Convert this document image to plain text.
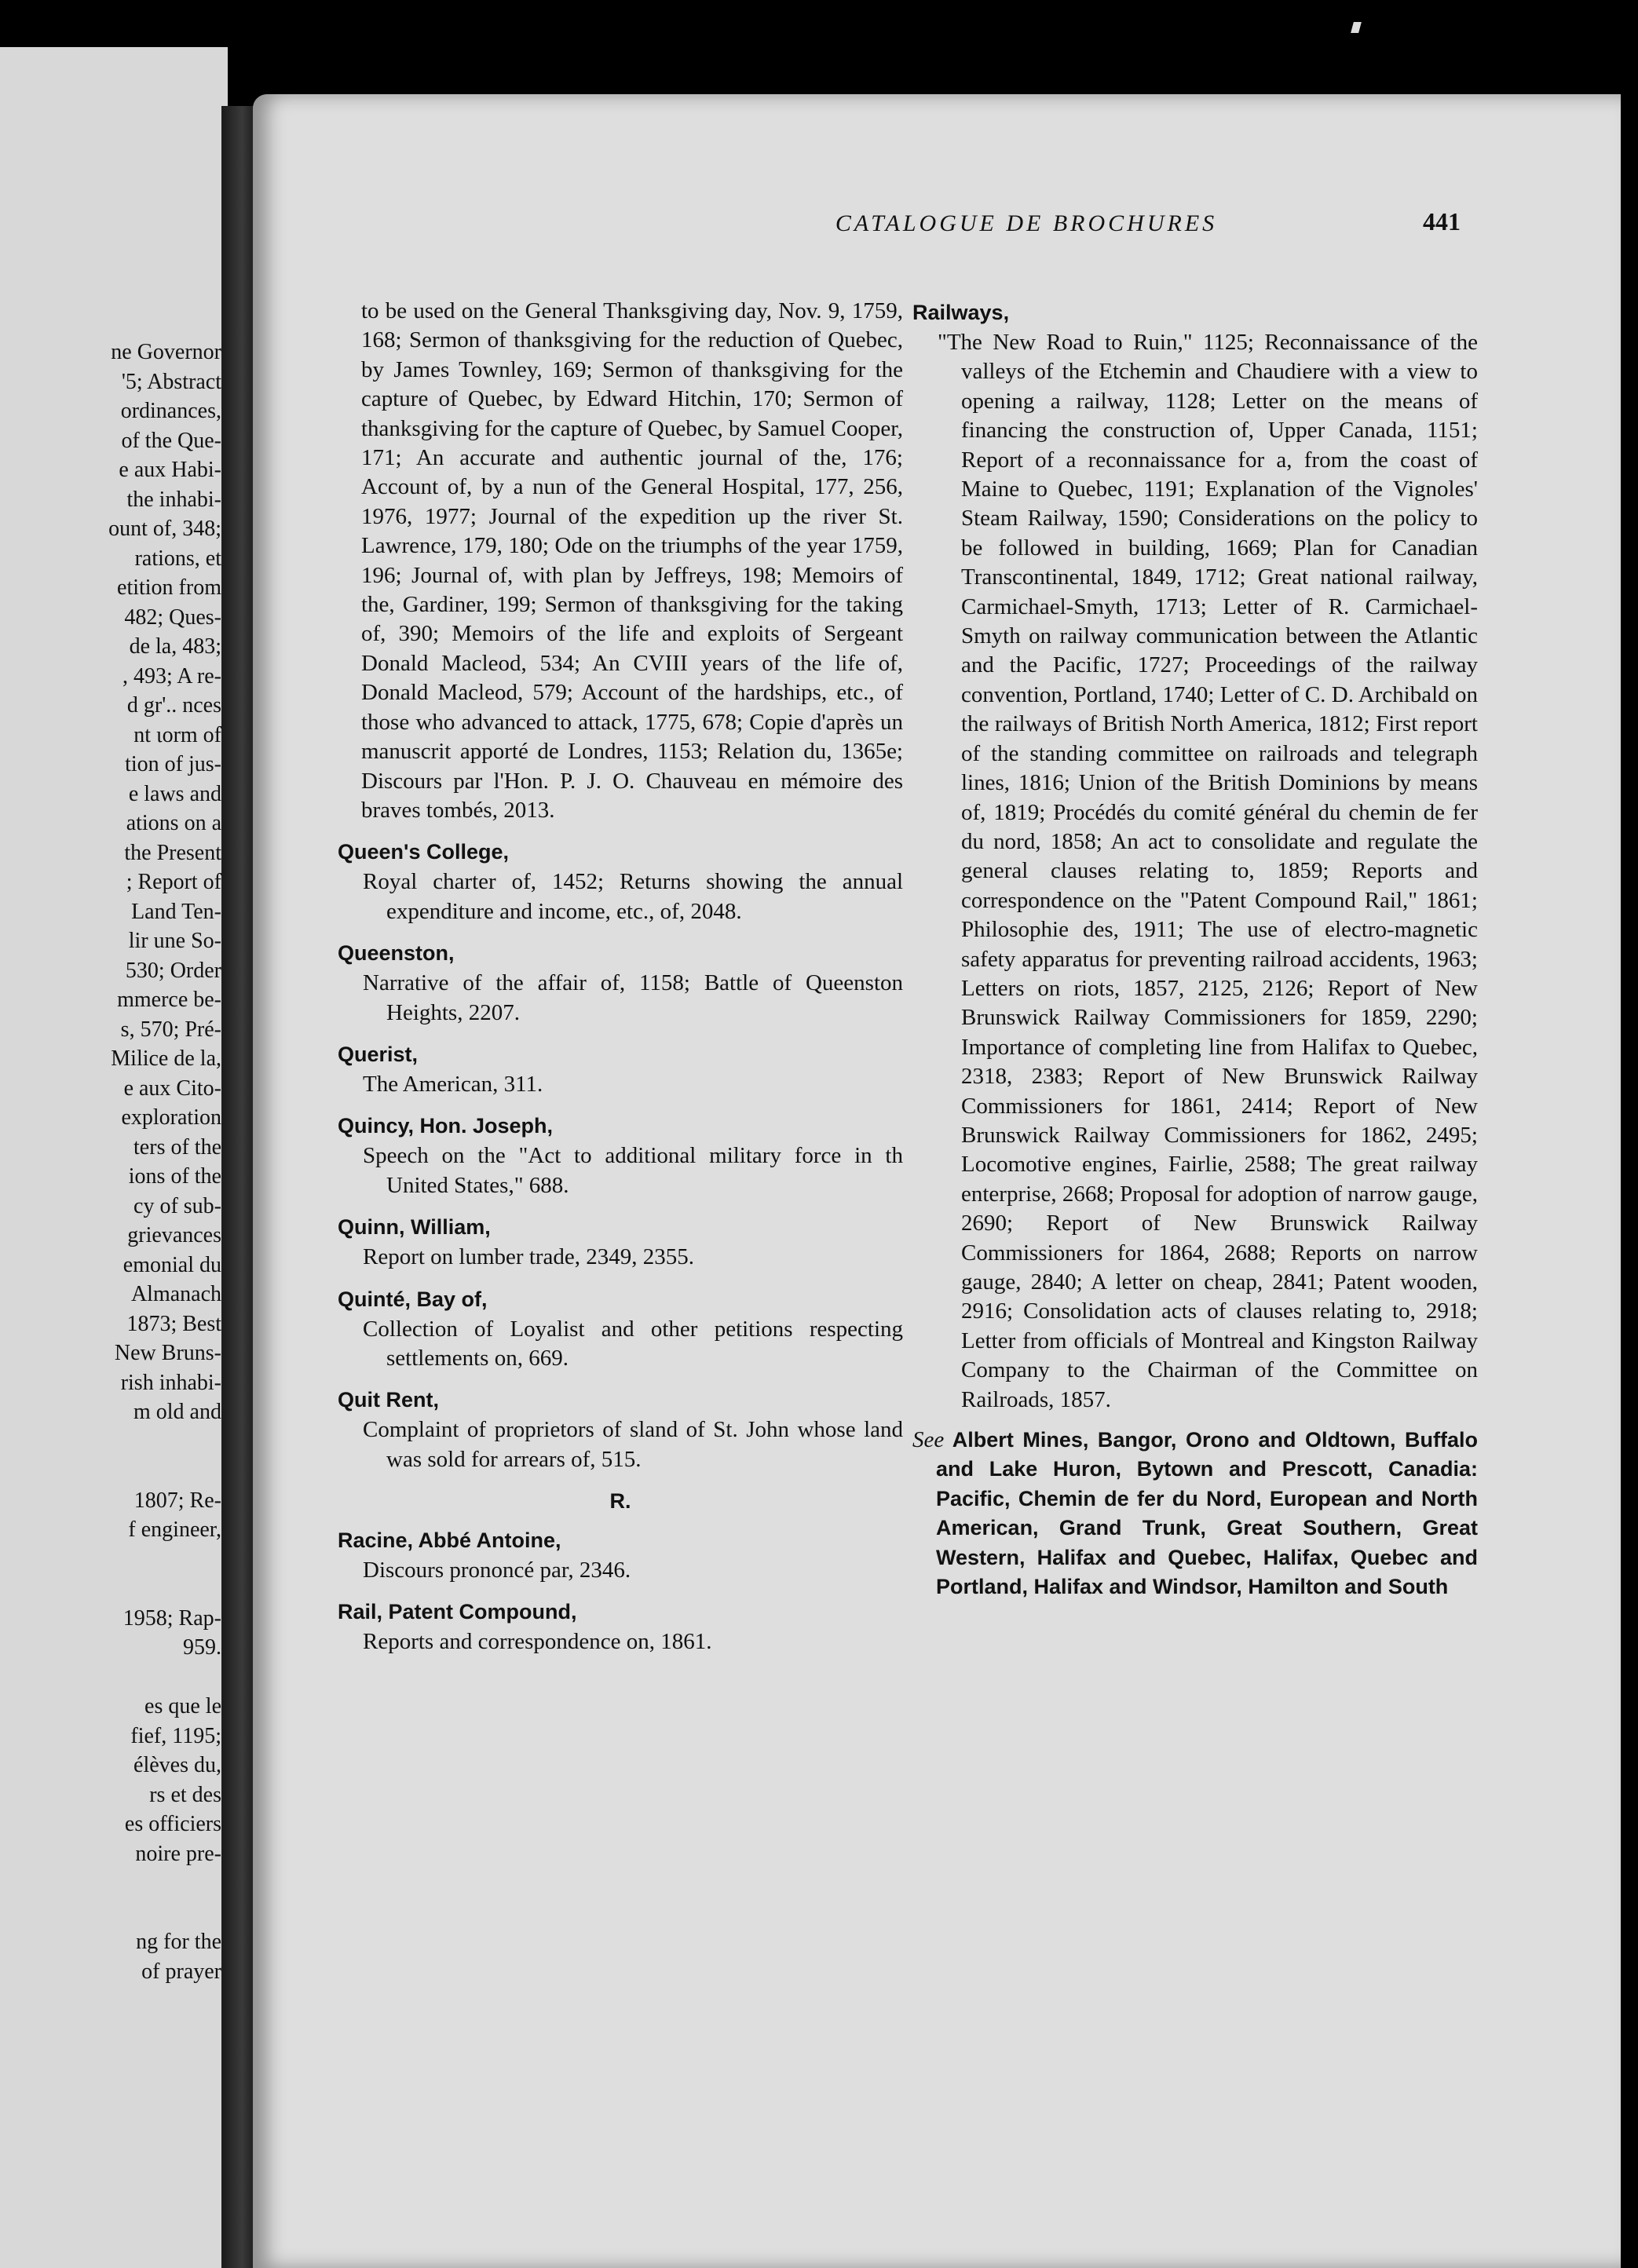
ne Governor
'5; Abstract
ordinances,
of the Que-
e aux Habi-
the inhabi-
ount of, 348;
rations, et
etition from
482; Ques-
de la, 483;
, 493; A re-
d gr'.. nces
nt ιorm of
tion of jus-
e laws and
ations on a
the Present
; Report of
Land Ten-
lir une So-
530; Order
mmerce be-
s, 570; Pré-
Milice de la,
e aux Cito-
exploration
ters of the
ions of the
cy of sub-
grievances
emonial du
Almanach
1873; Best
New Bruns-
rish inhabi-
m old and
1807; Re-
f engineer,
1958; Rap-
959.
es que le
fief, 1195;
élèves du,
rs et des
es officiers
noire pre-
ng for the
of prayer
CATALOGUE DE BROCHURES	441
to be used on the General Thanksgiving day, Nov. 9, 1759, 168; Sermon of thanksgiving for the reduction of Quebec, by James Townley, 169; Sermon of thanksgiving for the capture of Quebec, by Edward Hitchin, 170; Sermon of thanksgiving for the capture of Quebec, by Samuel Cooper, 171; An accurate and authentic journal of the, 176; Account of, by a nun of the General Hospital, 177, 256, 1976, 1977; Journal of the expedition up the river St. Lawrence, 179, 180; Ode on the triumphs of the year 1759, 196; Journal of, with plan by Jeffreys, 198; Memoirs of the, Gardiner, 199; Sermon of thanksgiving for the taking of, 390; Memoirs of the life and exploits of Sergeant Donald Macleod, 534; An CVIII years of the life of, Donald Macleod, 579; Account of the hardships, etc., of those who advanced to attack, 1775, 678; Copie d'après un manuscrit apporté de Londres, 1153; Relation du, 1365e; Discours par l'Hon. P. J. O. Chauveau en mémoire des braves tombés, 2013.
Queen's College,
Royal charter of, 1452; Returns showing the annual expenditure and income, etc., of, 2048.
Queenston,
Narrative of the affair of, 1158; Battle of Queenston Heights, 2207.
Querist,
The American, 311.
Quincy, Hon. Joseph,
Speech on the "Act to additional military force in th United States," 688.
Quinn, William,
Report on lumber trade, 2349, 2355.
Quinté, Bay of,
Collection of Loyalist and other petitions respecting settlements on, 669.
Quit Rent,
Complaint of proprietors of sland of St. John whose land was sold for arrears of, 515.
R.
Racine, Abbé Antoine,
Discours prononcé par, 2346.
Rail, Patent Compound,
Reports and correspondence on, 1861.
Railways,
"The New Road to Ruin," 1125; Reconnaissance of the valleys of the Etchemin and Chaudiere with a view to opening a railway, 1128; Letter on the means of financing the construction of, Upper Canada, 1151; Report of a reconnaissance for a, from the coast of Maine to Quebec, 1191; Explanation of the Vignoles' Steam Railway, 1590; Considerations on the policy to be followed in building, 1669; Plan for Canadian Transcontinental, 1849, 1712; Great national railway, Carmichael-Smyth, 1713; Letter of R. Carmichael-Smyth on railway communication between the Atlantic and the Pacific, 1727; Proceedings of the railway convention, Portland, 1740; Letter of C. D. Archibald on the railways of British North America, 1812; First report of the standing committee on railroads and telegraph lines, 1816; Union of the British Dominions by means of, 1819; Procédés du comité général du chemin de fer du nord, 1858; An act to consolidate and regulate the general clauses relating to, 1859; Reports and correspondence on the "Patent Compound Rail," 1861; Philosophie des, 1911; The use of electro-magnetic safety apparatus for preventing railroad accidents, 1963; Letters on riots, 1857, 2125, 2126; Report of New Brunswick Railway Commissioners for 1859, 2290; Importance of completing line from Halifax to Quebec, 2318, 2383; Report of New Brunswick Railway Commissioners for 1861, 2414; Report of New Brunswick Railway Commissioners for 1862, 2495; Locomotive engines, Fairlie, 2588; The great railway enterprise, 2668; Proposal for adoption of narrow gauge, 2690; Report of New Brunswick Railway Commissioners for 1864, 2688; Reports on narrow gauge, 2840; A letter on cheap, 2841; Patent wooden, 2916; Consolidation acts of clauses relating to, 2918; Letter from officials of Montreal and Kingston Railway Company to the Chairman of the Committee on Railroads, 1857.
See Albert Mines, Bangor, Orono and Oldtown, Buffalo and Lake Huron, Bytown and Prescott, Canadia: Pacific, Chemin de fer du Nord, European and North American, Grand Trunk, Great Southern, Great Western, Halifax and Quebec, Halifax, Quebec and Portland, Halifax and Windsor, Hamilton and South
